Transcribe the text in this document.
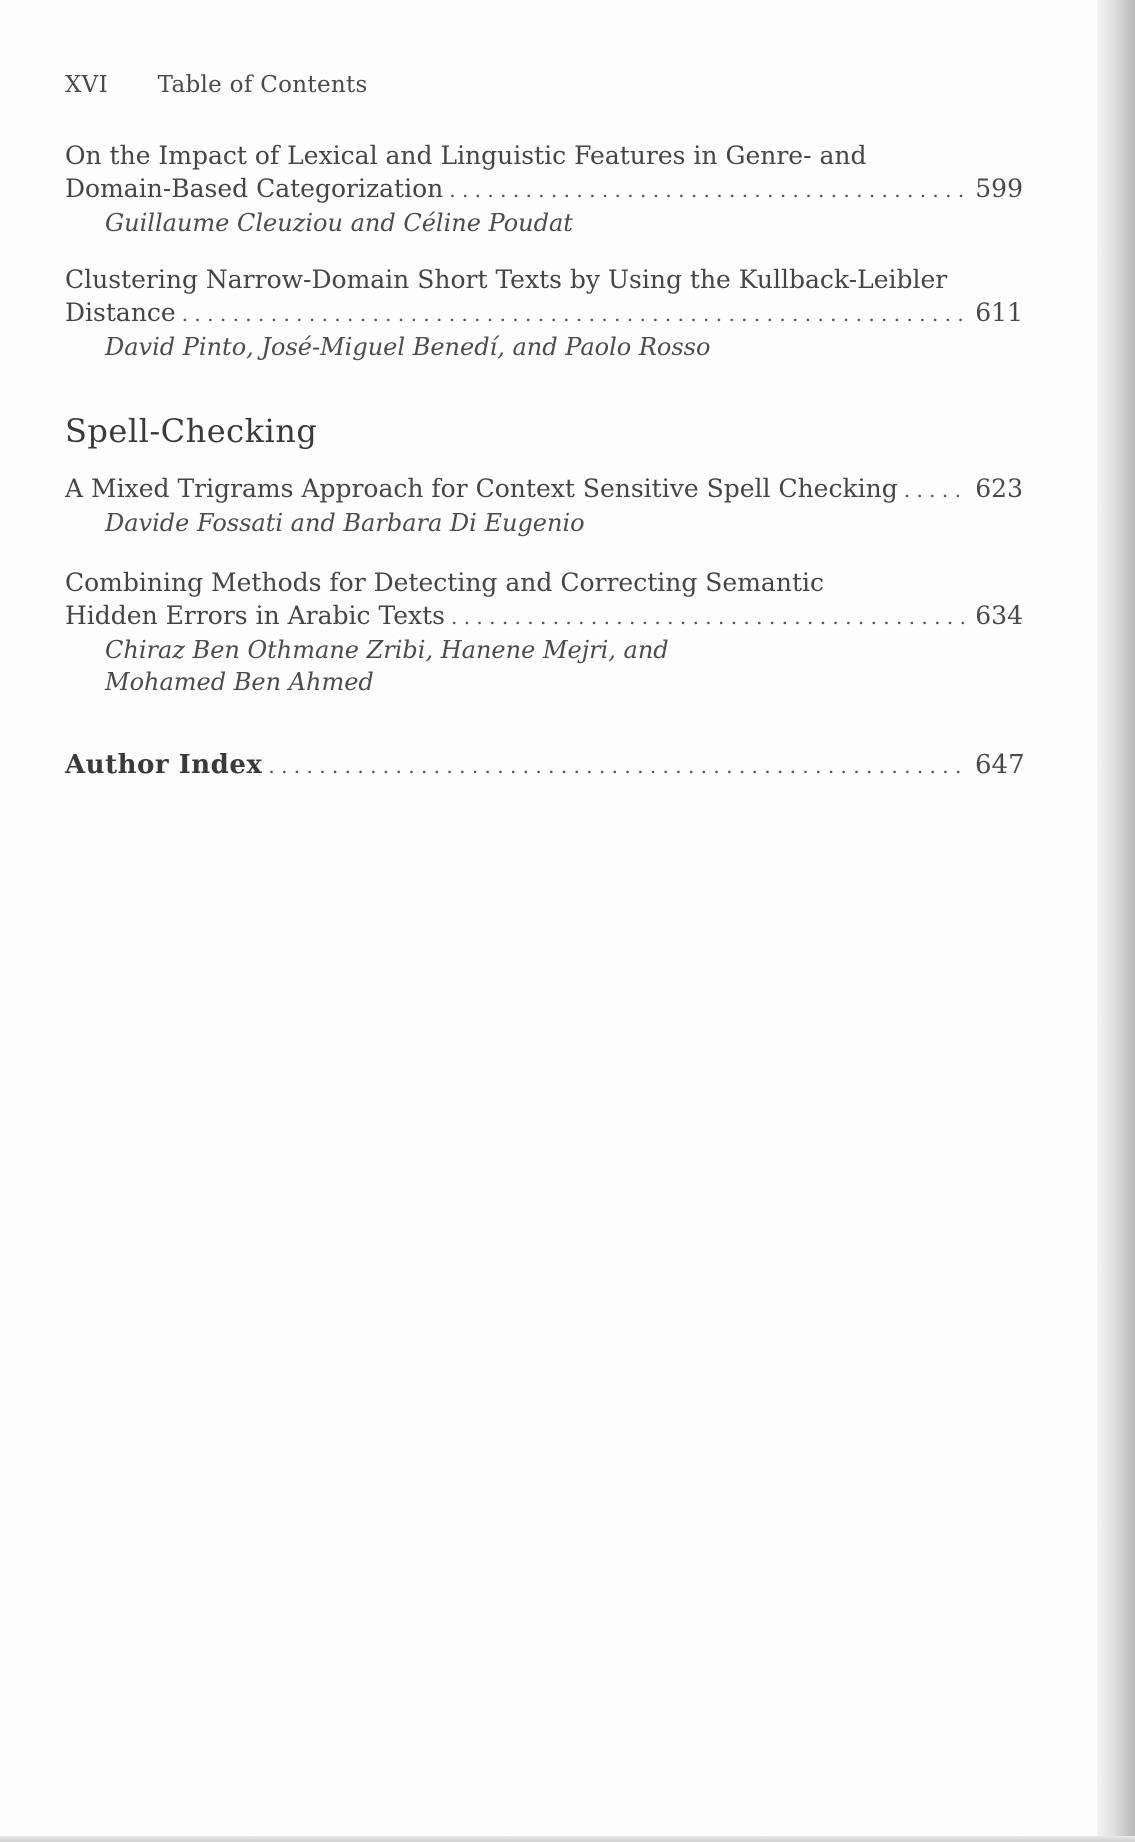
XVI Table of Contents
On the Impact of Lexical and Linguistic Features in Genre- and
Domain-Based Categorization . . .	599
Guillaume Cleuziou and Céline Poudat
Clustering Narrow-Domain Short Texts by Using the Kullback-Leibler
Distance . . .	611
David Pinto, José-Miguel Benedí, and Paolo Rosso
Spell-Checking
A Mixed Trigrams Approach for Context Sensitive Spell Checking . . .	623
Davide Fossati and Barbara Di Eugenio
Combining Methods for Detecting and Correcting Semantic
Hidden Errors in Arabic Texts . . .	634
Chiraz Ben Othmane Zribi, Hanene Mejri, and
Mohamed Ben Ahmed
Author Index . . .	647
